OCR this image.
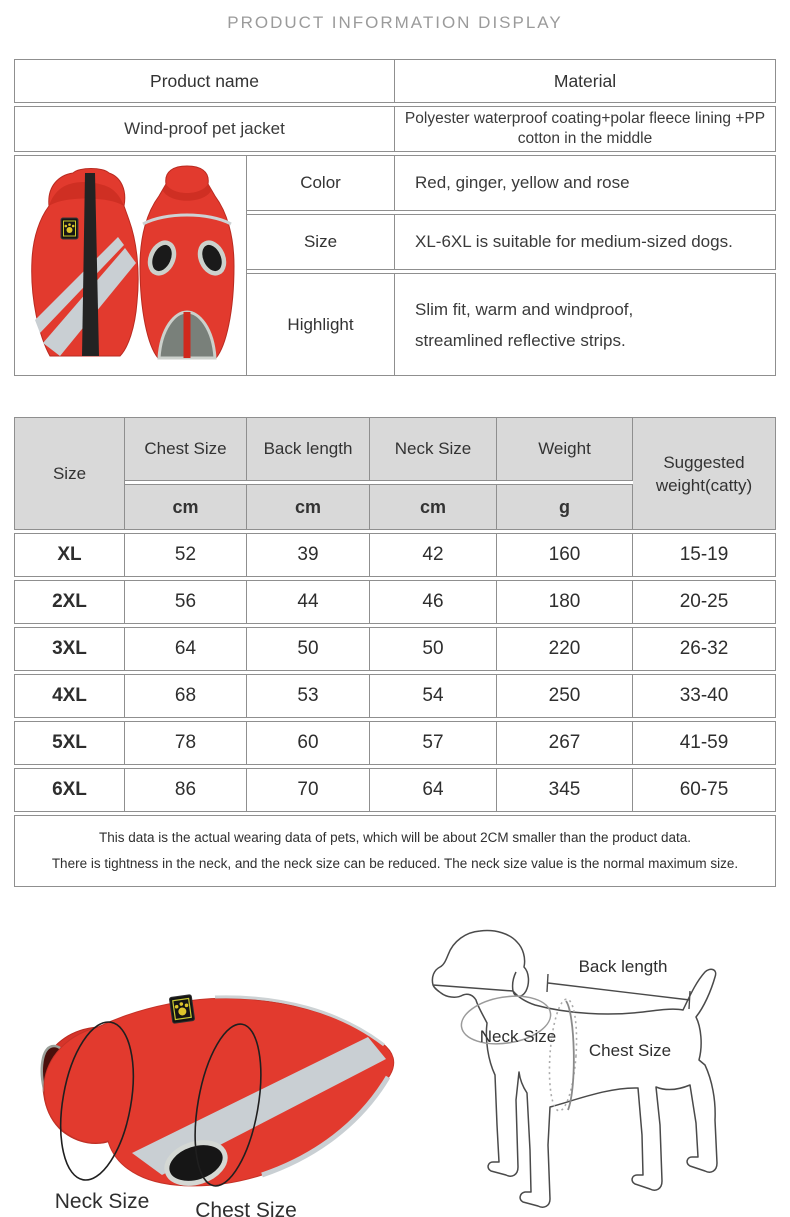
PRODUCT INFORMATION DISPLAY
Product name		Material
Wind-proof pet jacket		Polyester waterproof coating+polar fleece lining +PP cotton in the middle
	Color	Red, ginger, yellow and rose
	Size	XL-6XL is suitable for medium-sized dogs.
	Highlight	Slim fit, warm and windproof, streamlined reflective strips.
Size	Chest Size	Back length	Neck Size	Weight	Suggested weight(catty)
	cm	cm	cm	g	
XL	52	39	42	160	15-19
2XL	56	44	46	180	20-25
3XL	64	50	50	220	26-32
4XL	68	53	54	250	33-40
5XL	78	60	57	267	41-59
6XL	86	70	64	345	60-75

This data is the actual wearing data of pets, which will be about 2CM smaller than the product data.
There is tightness in the neck, and the neck size can be reduced. The neck size value is the normal maximum size.					
Neck Size Chest Size
Back length
Neck Size
Chest Size
